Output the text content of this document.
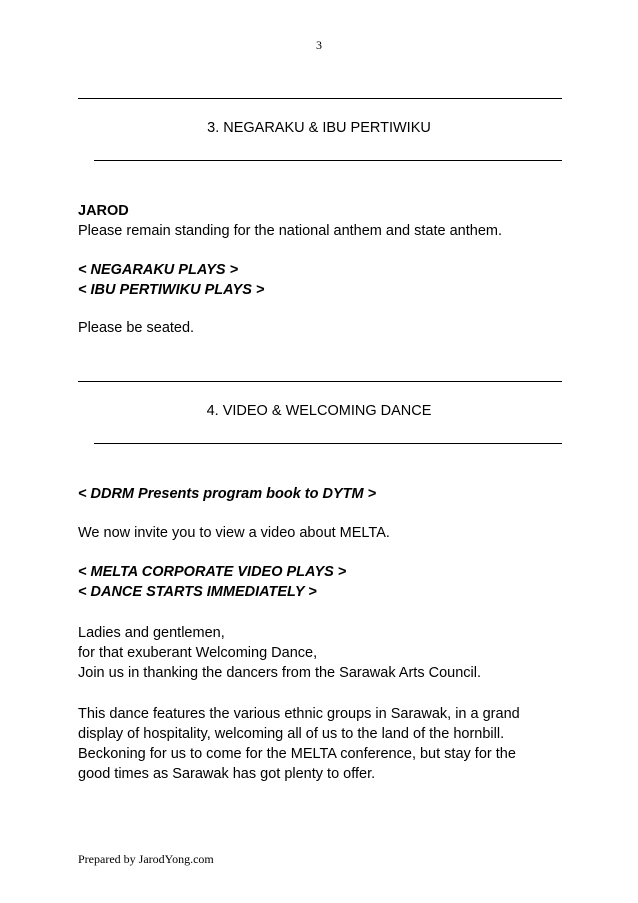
3
3. NEGARAKU & IBU PERTIWIKU
JAROD
Please remain standing for the national anthem and state anthem.
< NEGARAKU PLAYS >
< IBU PERTIWIKU PLAYS >
Please be seated.
4. VIDEO & WELCOMING DANCE
< DDRM Presents program book to DYTM >
We now invite you to view a video about MELTA.
< MELTA CORPORATE VIDEO PLAYS >
< DANCE STARTS IMMEDIATELY >
Ladies and gentlemen,
for that exuberant Welcoming Dance,
Join us in thanking the dancers from the Sarawak Arts Council.
This dance features the various ethnic groups in Sarawak, in a grand
display of hospitality, welcoming all of us to the land of the hornbill.
Beckoning for us to come for the MELTA conference, but stay for the
good times as Sarawak has got plenty to offer.
Prepared by JarodYong.com
